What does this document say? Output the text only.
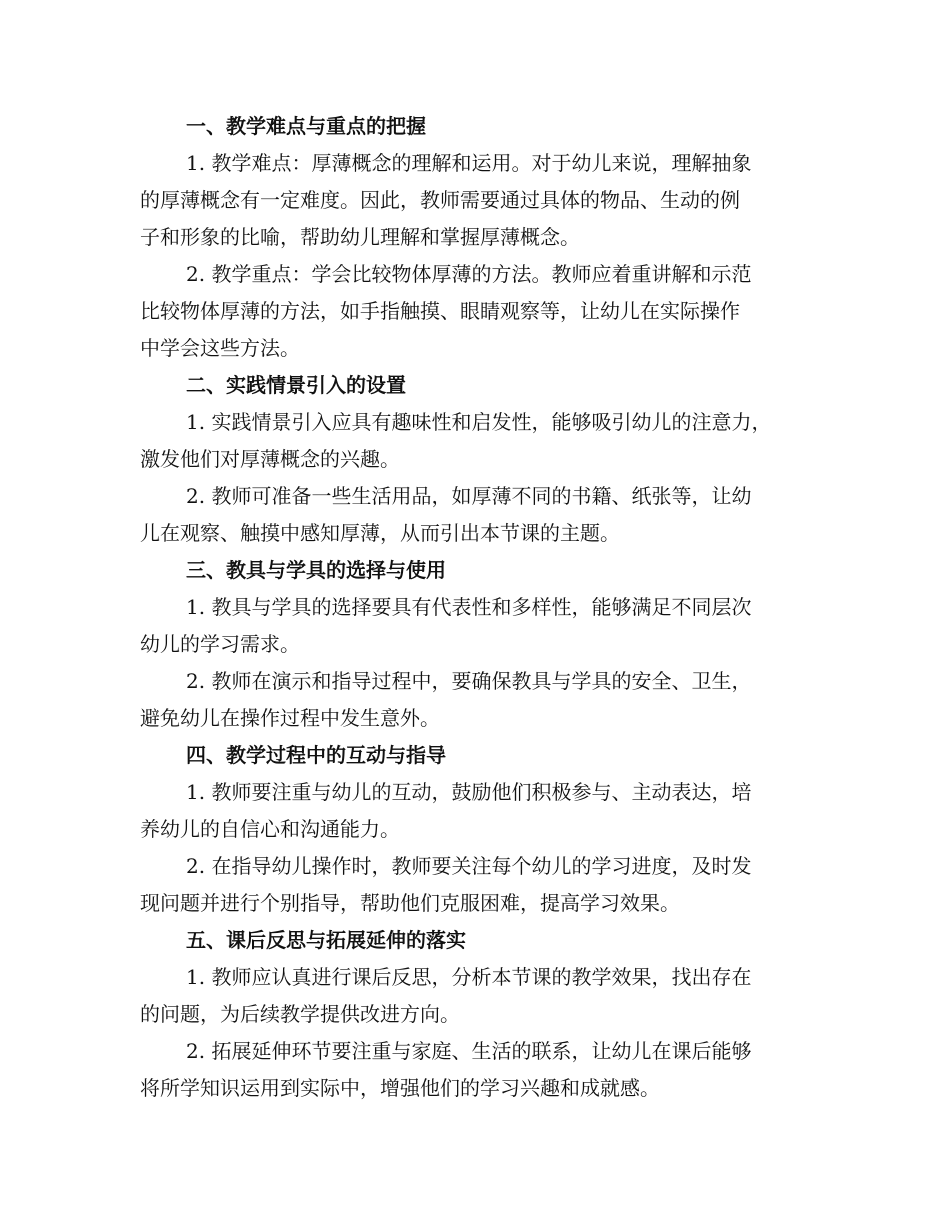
一、教学难点与重点的把握
1. 教学难点：厚薄概念的理解和运用。对于幼儿来说，理解抽象
的厚薄概念有一定难度。因此，教师需要通过具体的物品、生动的例
子和形象的比喻，帮助幼儿理解和掌握厚薄概念。
2. 教学重点：学会比较物体厚薄的方法。教师应着重讲解和示范
比较物体厚薄的方法，如手指触摸、眼睛观察等，让幼儿在实际操作
中学会这些方法。
二、实践情景引入的设置
1. 实践情景引入应具有趣味性和启发性，能够吸引幼儿的注意力，
激发他们对厚薄概念的兴趣。
2. 教师可准备一些生活用品，如厚薄不同的书籍、纸张等，让幼
儿在观察、触摸中感知厚薄，从而引出本节课的主题。
三、教具与学具的选择与使用
1. 教具与学具的选择要具有代表性和多样性，能够满足不同层次
幼儿的学习需求。
2. 教师在演示和指导过程中，要确保教具与学具的安全、卫生，
避免幼儿在操作过程中发生意外。
四、教学过程中的互动与指导
1. 教师要注重与幼儿的互动，鼓励他们积极参与、主动表达，培
养幼儿的自信心和沟通能力。
2. 在指导幼儿操作时，教师要关注每个幼儿的学习进度，及时发
现问题并进行个别指导，帮助他们克服困难，提高学习效果。
五、课后反思与拓展延伸的落实
1. 教师应认真进行课后反思，分析本节课的教学效果，找出存在
的问题，为后续教学提供改进方向。
2. 拓展延伸环节要注重与家庭、生活的联系，让幼儿在课后能够
将所学知识运用到实际中，增强他们的学习兴趣和成就感。
